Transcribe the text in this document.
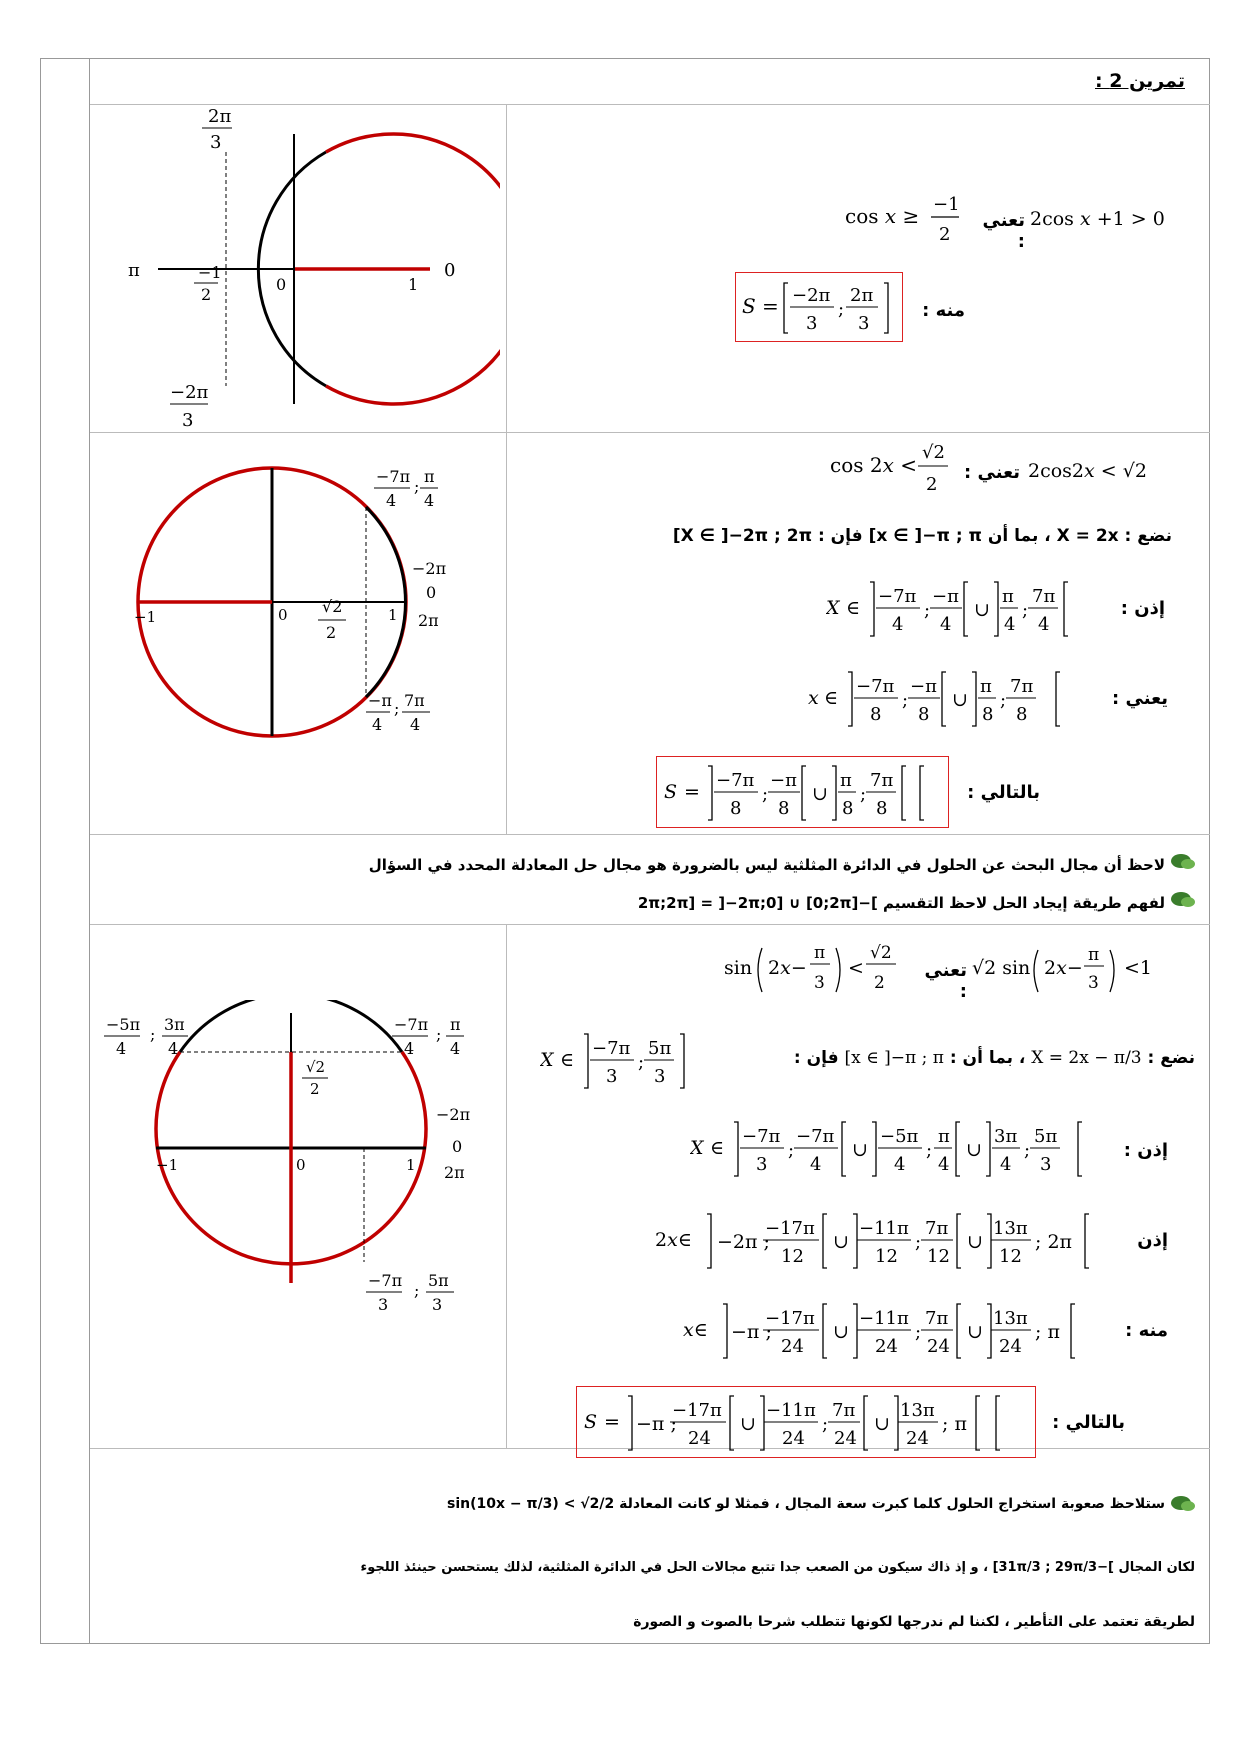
تمرين 2 :
2π
3
π	0
−1
2
0	1
−2π
3
2cos x +1 > 0
تعني :
cos x ≥ −1
2
منه :
S = −2π
3
;
2π
3
−7π
4
;
π
4
−2π
0
2π
−1	0	1
√2
2
−π
4
; 7π
4
2cos2x < √2
تعني :
cos 2x <
√2
2
نضع : X = 2x ، بما أن x ∈ ]−π ; π] فإن : X ∈ ]−2π ; 2π]
إذن :
X ∈
−7π
4
;
−π
4
∪
π
4
;
7π
4
يعني :
x ∈
−7π
8
;
−π
8
∪
π
8
;
7π
8
بالتالي :
S =
−7π
8
;
−π
8
∪
π
8
;
7π
8
لاحظ أن مجال البحث عن الحلول في الدائرة المثلثية ليس بالضرورة هو مجال حل المعادلة المحدد في السؤال
لفهم طريقة إيجاد الحل لاحظ التقسيم ]−2π;2π] = ]−2π;0] ∪ [0;2π]
−5π
4
;
3π
4
−7π
4
;
π
4
√2
2
−2π
0
2π
−1	0	1
−7π
3
;
5π
3
√2 sin 2x−
π
3
<1
تعني :
sin 2x−
π
3
<
√2
2
نضع : X = 2x − π/3 ، بما أن : x ∈ ]−π ; π] فإن :
X ∈
−7π
3
;
5π
3
إذن :
X ∈
−7π
3
;
−7π
4
∪
−5π
4
;
π
4
∪
3π
4
;
5π
3
إذن
2x∈ −2π ;
−17π
12
∪
−11π
12
;
7π
12
∪
13π
12
; 2π
منه :
x∈ −π ;
−17π
24
∪
−11π
24
;
7π
24
∪
13π
24
; π
بالتالي :
S = −π ;
−17π
24
∪
−11π
24
;
7π
24
∪
13π
24
; π
ستلاحظ صعوبة استخراج الحلول كلما كبرت سعة المجال ، فمثلا لو كانت المعادلة sin(10x − π/3) < √2/2
لكان المجال ]−31π/3 ; 29π/3] ، و إذ ذاك سيكون من الصعب جدا تتبع مجالات الحل في الدائرة المثلثية، لذلك يستحسن حينئذ اللجوء
لطريقة تعتمد على التأطير ، لكننا لم ندرجها لكونها تتطلب شرحا بالصوت و الصورة
